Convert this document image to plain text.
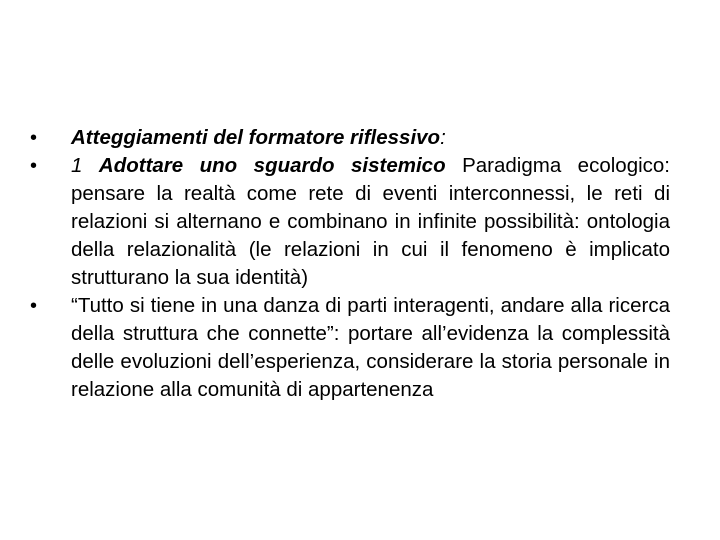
• Atteggiamenti del formatore riflessivo:
• 1 Adottare uno sguardo sistemico Paradigma ecologico: pensare la realtà come rete di eventi interconnessi, le reti di relazioni si alternano e combinano in infinite possibilità: ontologia della relazionalità (le relazioni in cui il fenomeno è implicato strutturano la sua identità)
• “Tutto si tiene in una danza di parti interagenti, andare alla ricerca della struttura che connette”: portare all’evidenza la complessità delle evoluzioni dell’esperienza, considerare la storia personale in relazione alla comunità di appartenenza
